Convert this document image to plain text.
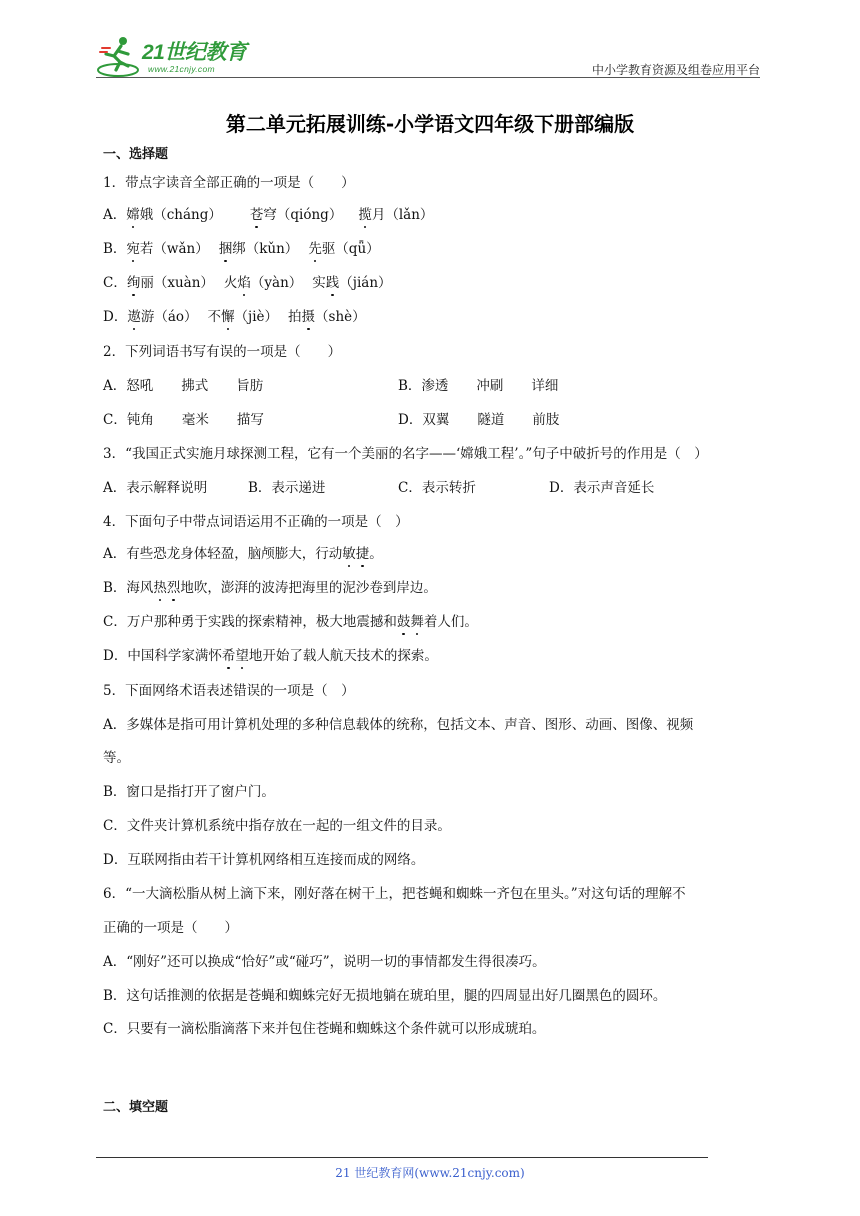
21世纪教育
www.21cnjy.com	中小学教育资源及组卷应用平台
第二单元拓展训练-小学语文四年级下册部编版
一、选择题
1．带点字读音全部正确的一项是（　　）
A．嫦娥（cháng） 苍穹（qióng） 揽月（lǎn）
B．宛若（wǎn） 捆绑（kǔn） 先驱（qǖ）
C．绚丽（xuàn） 火焰（yàn） 实践（jián）
D．遨游（áo） 不懈（jiè） 拍摄（shè）
2．下列词语书写有误的一项是（　　）
A．怒吼 拂式 旨肪	B．渗透 冲刷 详细
C．钝角 毫米 描写	D．双翼 隧道 前肢
3．“我国正式实施月球探测工程，它有一个美丽的名字——‘嫦娥工程’。”句子中破折号的作用是（　）
A．表示解释说明	B．表示递进	C．表示转折	D．表示声音延长
4．下面句子中带点词语运用不正确的一项是（　）
A．有些恐龙身体轻盈，脑颅膨大，行动敏捷。
B．海风热烈地吹，澎湃的波涛把海里的泥沙卷到岸边。
C．万户那种勇于实践的探索精神，极大地震撼和鼓舞着人们。
D．中国科学家满怀希望地开始了载人航天技术的探索。
5．下面网络术语表述错误的一项是（　）
A．多媒体是指可用计算机处理的多种信息载体的统称，包括文本、声音、图形、动画、图像、视频
等。
B．窗口是指打开了窗户门。
C．文件夹计算机系统中指存放在一起的一组文件的目录。
D．互联网指由若干计算机网络相互连接而成的网络。
6．“一大滴松脂从树上滴下来，刚好落在树干上，把苍蝇和蜘蛛一齐包在里头。”对这句话的理解不
正确的一项是（　　）
A．“刚好”还可以换成“恰好”或“碰巧”，说明一切的事情都发生得很凑巧。
B．这句话推测的依据是苍蝇和蜘蛛完好无损地躺在琥珀里，腿的四周显出好几圈黑色的圆环。
C．只要有一滴松脂滴落下来并包住苍蝇和蜘蛛这个条件就可以形成琥珀。
二、填空题
21 世纪教育网(www.21cnjy.com)
